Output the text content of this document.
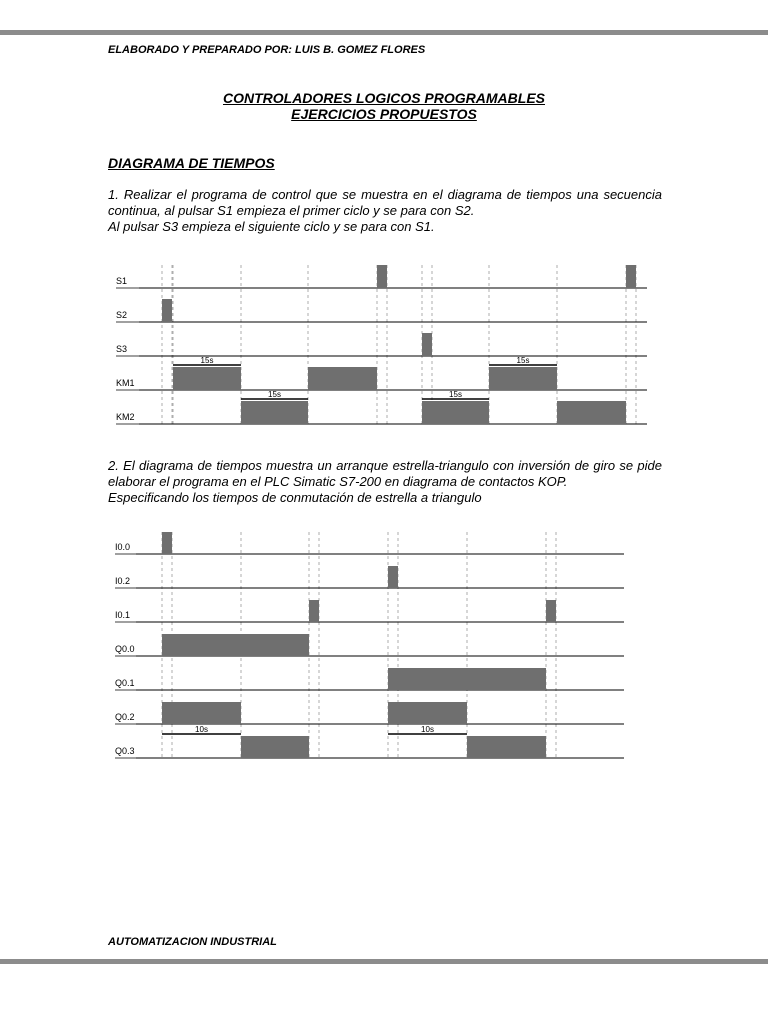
ELABORADO Y PREPARADO POR: LUIS B. GOMEZ FLORES
CONTROLADORES LOGICOS PROGRAMABLES
EJERCICIOS PROPUESTOS
DIAGRAMA DE TIEMPOS

1. Realizar el programa de control que se muestra en el diagrama de tiempos una secuencia continua, al pulsar S1 empieza el primer ciclo y se para con S2.

Al pulsar S3 empieza el siguiente ciclo y se para con S1.

S1
S2
S3
KM1
KM2
15s
15s	15s
15s

2. El diagrama de tiempos muestra un arranque estrella-triangulo con inversión de giro se pide elaborar el programa en el PLC Simatic S7-200 en diagrama de contactos KOP.

Especificando los tiempos de conmutación de estrella a triangulo

I0.0
I0.2
I0.1
Q0.0
Q0.1
Q0.2
Q0.3
10s	10s
AUTOMATIZACION INDUSTRIAL
